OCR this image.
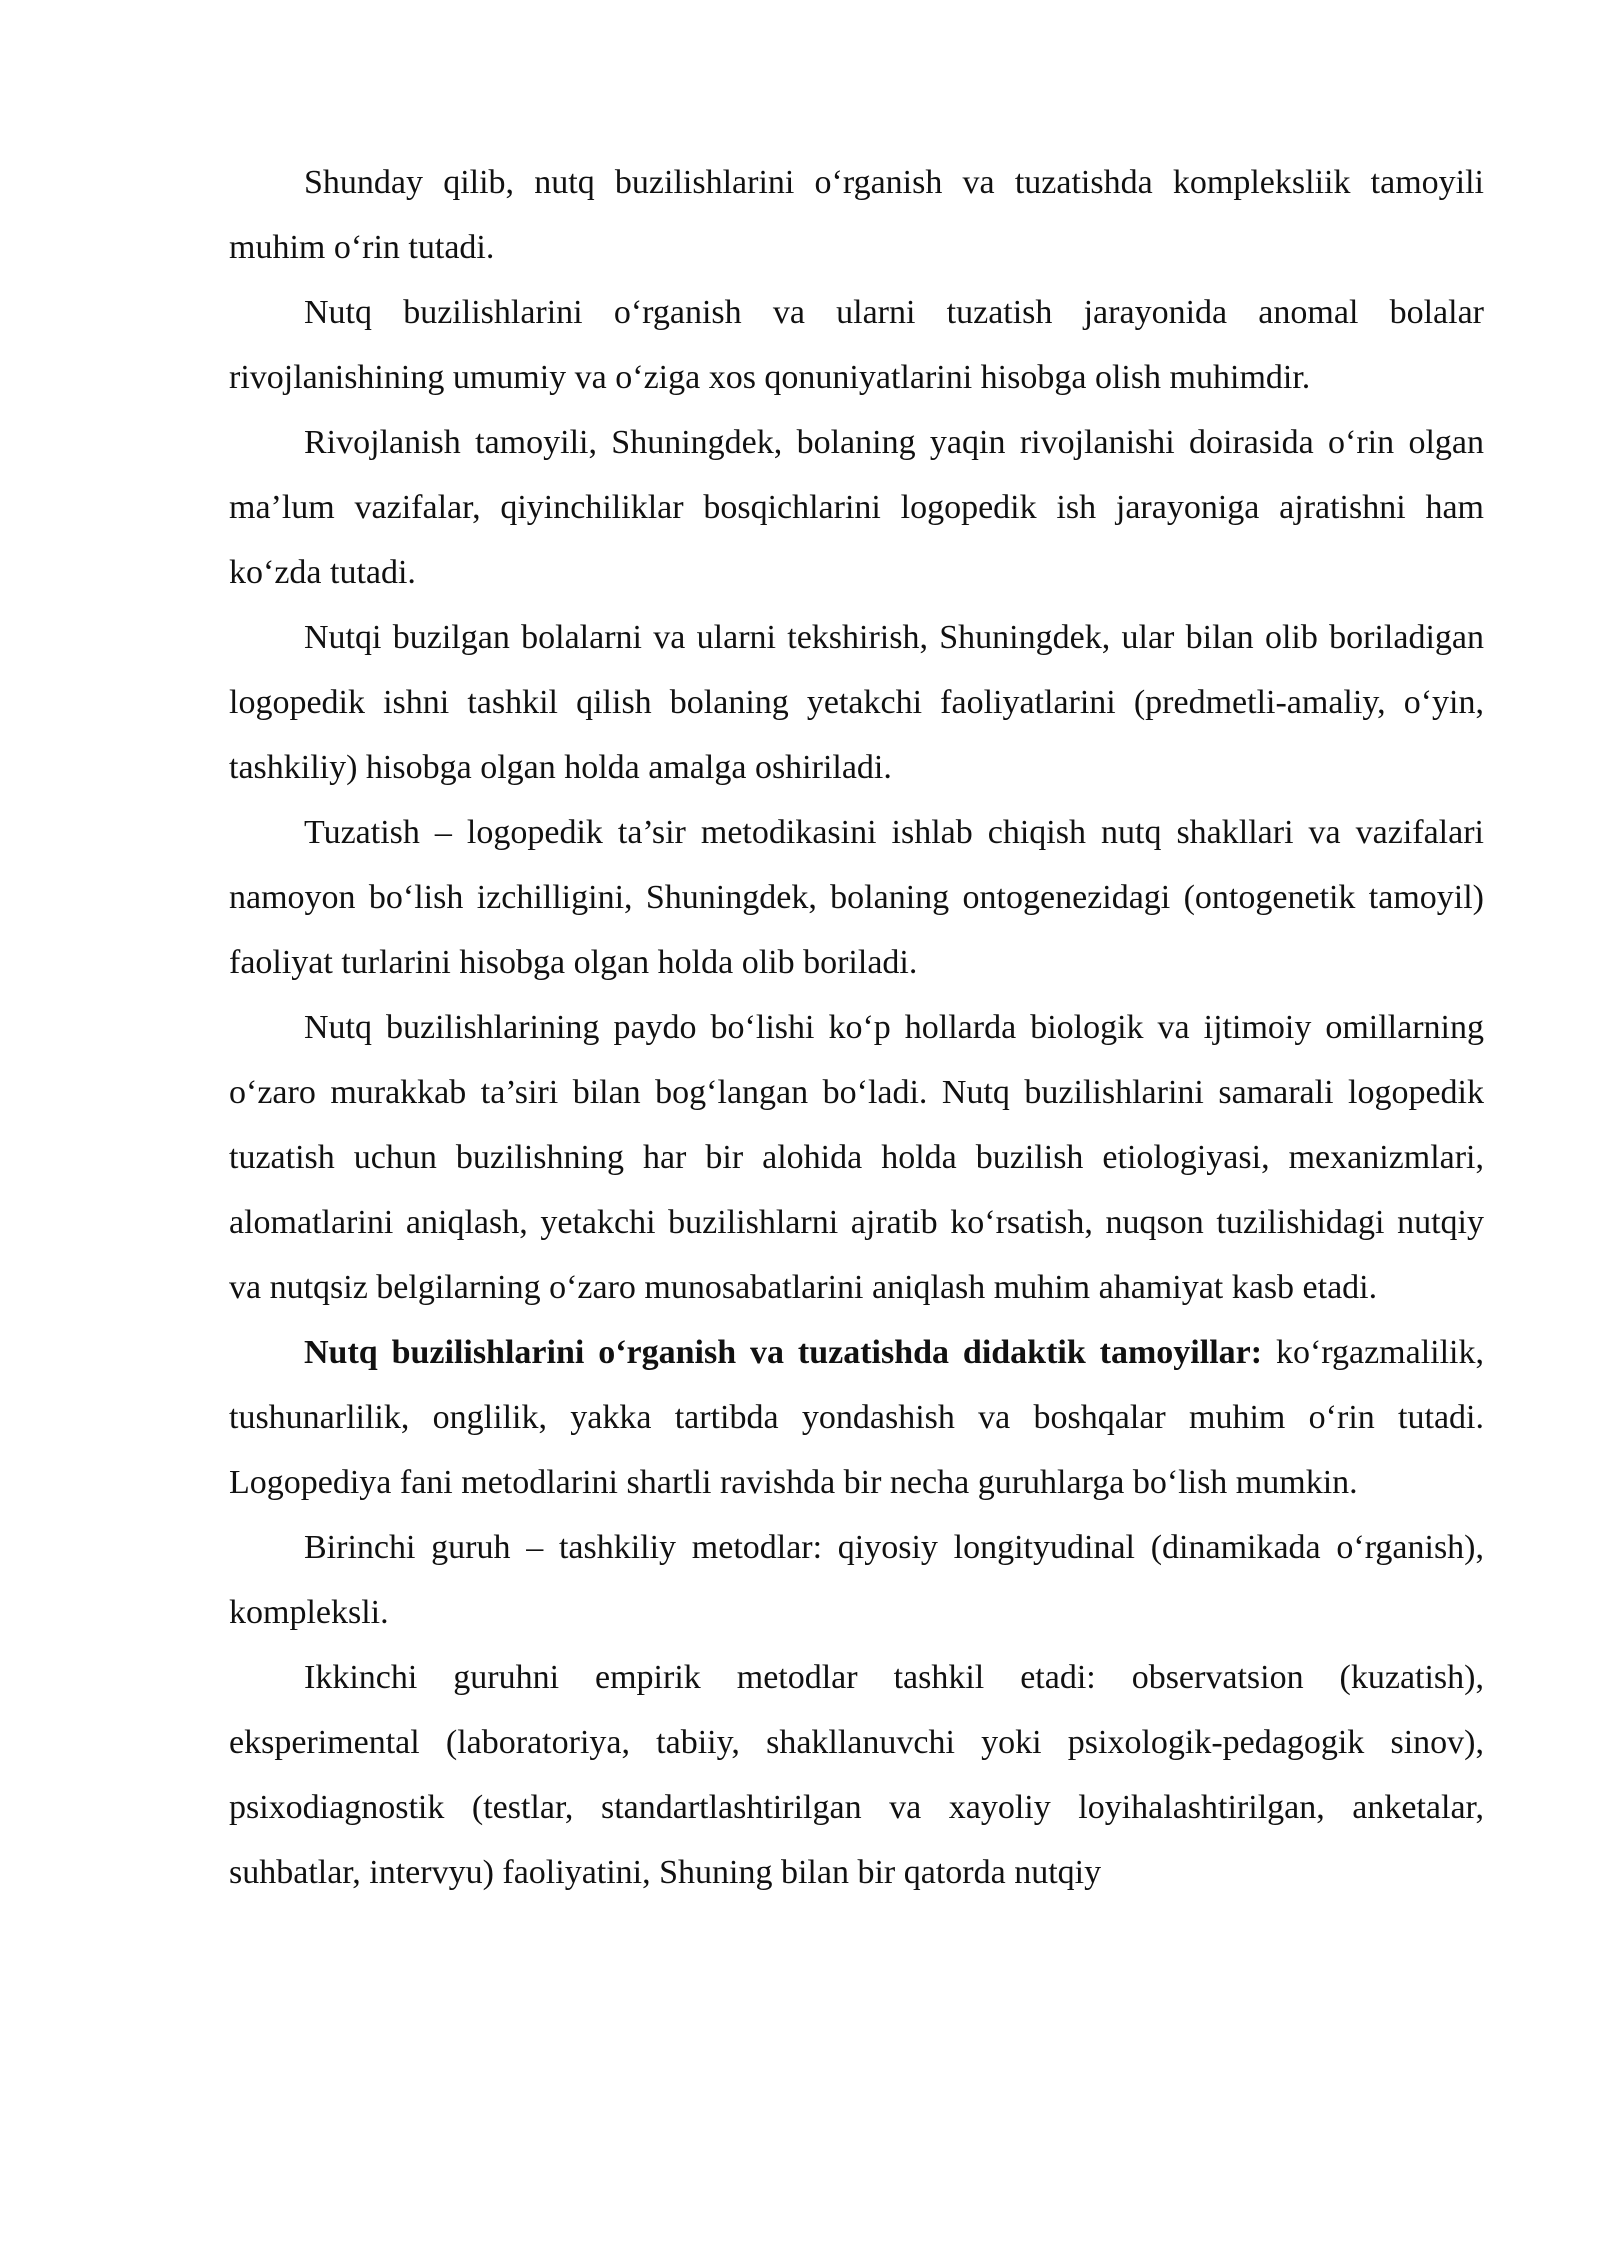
Shunday qilib, nutq buzilishlarini o‘rganish va tuzatishda kompleksliik tamoyili muhim o‘rin tutadi.

Nutq buzilishlarini o‘rganish va ularni tuzatish jarayonida anomal bolalar rivojlanishining umumiy va o‘ziga xos qonuniyatlarini hisobga olish muhimdir.

Rivojlanish tamoyili, Shuningdek, bolaning yaqin rivojlanishi doirasida o‘rin olgan ma’lum vazifalar, qiyinchiliklar bosqichlarini logopedik ish jarayoniga ajratishni ham ko‘zda tutadi.

Nutqi buzilgan bolalarni va ularni tekshirish, Shuningdek, ular bilan olib boriladigan logopedik ishni tashkil qilish bolaning yetakchi faoliyatlarini (predmetli-amaliy, o‘yin, tashkiliy) hisobga olgan holda amalga oshiriladi.

Tuzatish – logopedik ta’sir metodikasini ishlab chiqish nutq shakllari va vazifalari namoyon bo‘lish izchilligini, Shuningdek, bolaning ontogenezidagi (ontogenetik tamoyil) faoliyat turlarini hisobga olgan holda olib boriladi.

Nutq buzilishlarining paydo bo‘lishi ko‘p hollarda biologik va ijtimoiy omillarning o‘zaro murakkab ta’siri bilan bog‘langan bo‘ladi. Nutq buzilishlarini samarali logopedik tuzatish uchun buzilishning har bir alohida holda buzilish etiologiyasi, mexanizmlari, alomatlarini aniqlash, yetakchi buzilishlarni ajratib ko‘rsatish, nuqson tuzilishidagi nutqiy va nutqsiz belgilarning o‘zaro munosabatlarini aniqlash muhim ahamiyat kasb etadi.

Nutq buzilishlarini o‘rganish va tuzatishda didaktik tamoyillar: ko‘rgazmalilik, tushunarlilik, onglilik, yakka tartibda yondashish va boshqalar muhim o‘rin tutadi. Logopediya fani metodlarini shartli ravishda bir necha guruhlarga bo‘lish mumkin.

Birinchi guruh – tashkiliy metodlar: qiyosiy longityudinal (dinamikada o‘rganish), kompleksli.

Ikkinchi guruhni empirik metodlar tashkil etadi: observatsion (kuzatish), eksperimental (laboratoriya, tabiiy, shakllanuvchi yoki psixologik-pedagogik sinov), psixodiagnostik (testlar, standartlashtirilgan va xayoliy loyihalashtirilgan, anketalar, suhbatlar, intervyu) faoliyatini, Shuning bilan bir qatorda nutqiy
